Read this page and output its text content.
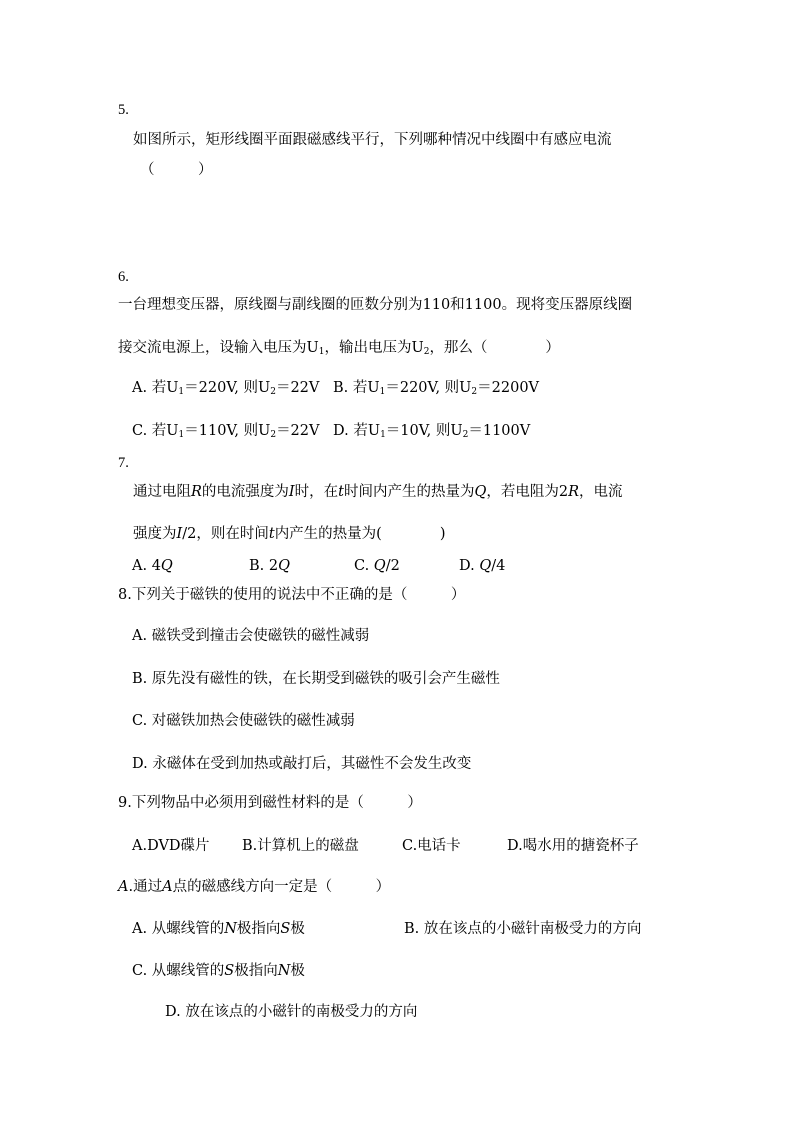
5.
如图所示，矩形线圈平面跟磁感线平行，下列哪种情况中线圈中有感应电流
（　　　）
6.
一台理想变压器，原线圈与副线圈的匝数分别为110和1100。现将变压器原线圈
接交流电源上，设输入电压为$U_1$，输出电压为$U_2$，那么（　　　　）
A. 若$U_1=220V$, 则$U_2=22V$ B. 若$U_1=220V$, 则$U_2=2200V$
C. 若$U_1=110V$, 则$U_2=22V$ D. 若$U_1=10V$, 则$U_2=1100V$
7.
通过电阻R的电流强度为I时，在t时间内产生的热量为Q，若电阻为2R，电流
强度为I/2，则在时间t内产生的热量为(　　　　)
A. 4Q	B. 2Q	C. Q/2	D. Q/4
8.下列关于磁铁的使用的说法中不正确的是（　　　）
A. 磁铁受到撞击会使磁铁的磁性减弱
B. 原先没有磁性的铁，在长期受到磁铁的吸引会产生磁性
C. 对磁铁加热会使磁铁的磁性减弱
D. 永磁体在受到加热或敲打后，其磁性不会发生改变
9.下列物品中必须用到磁性材料的是（　　　）
A.DVD碟片 B.计算机上的磁盘	C.电话卡	D.喝水用的搪瓷杯子
A.通过A点的磁感线方向一定是（　　　）
A. 从螺线管的N极指向S极	B. 放在该点的小磁针南极受力的方向
C. 从螺线管的S极指向N极
D. 放在该点的小磁针的南极受力的方向
